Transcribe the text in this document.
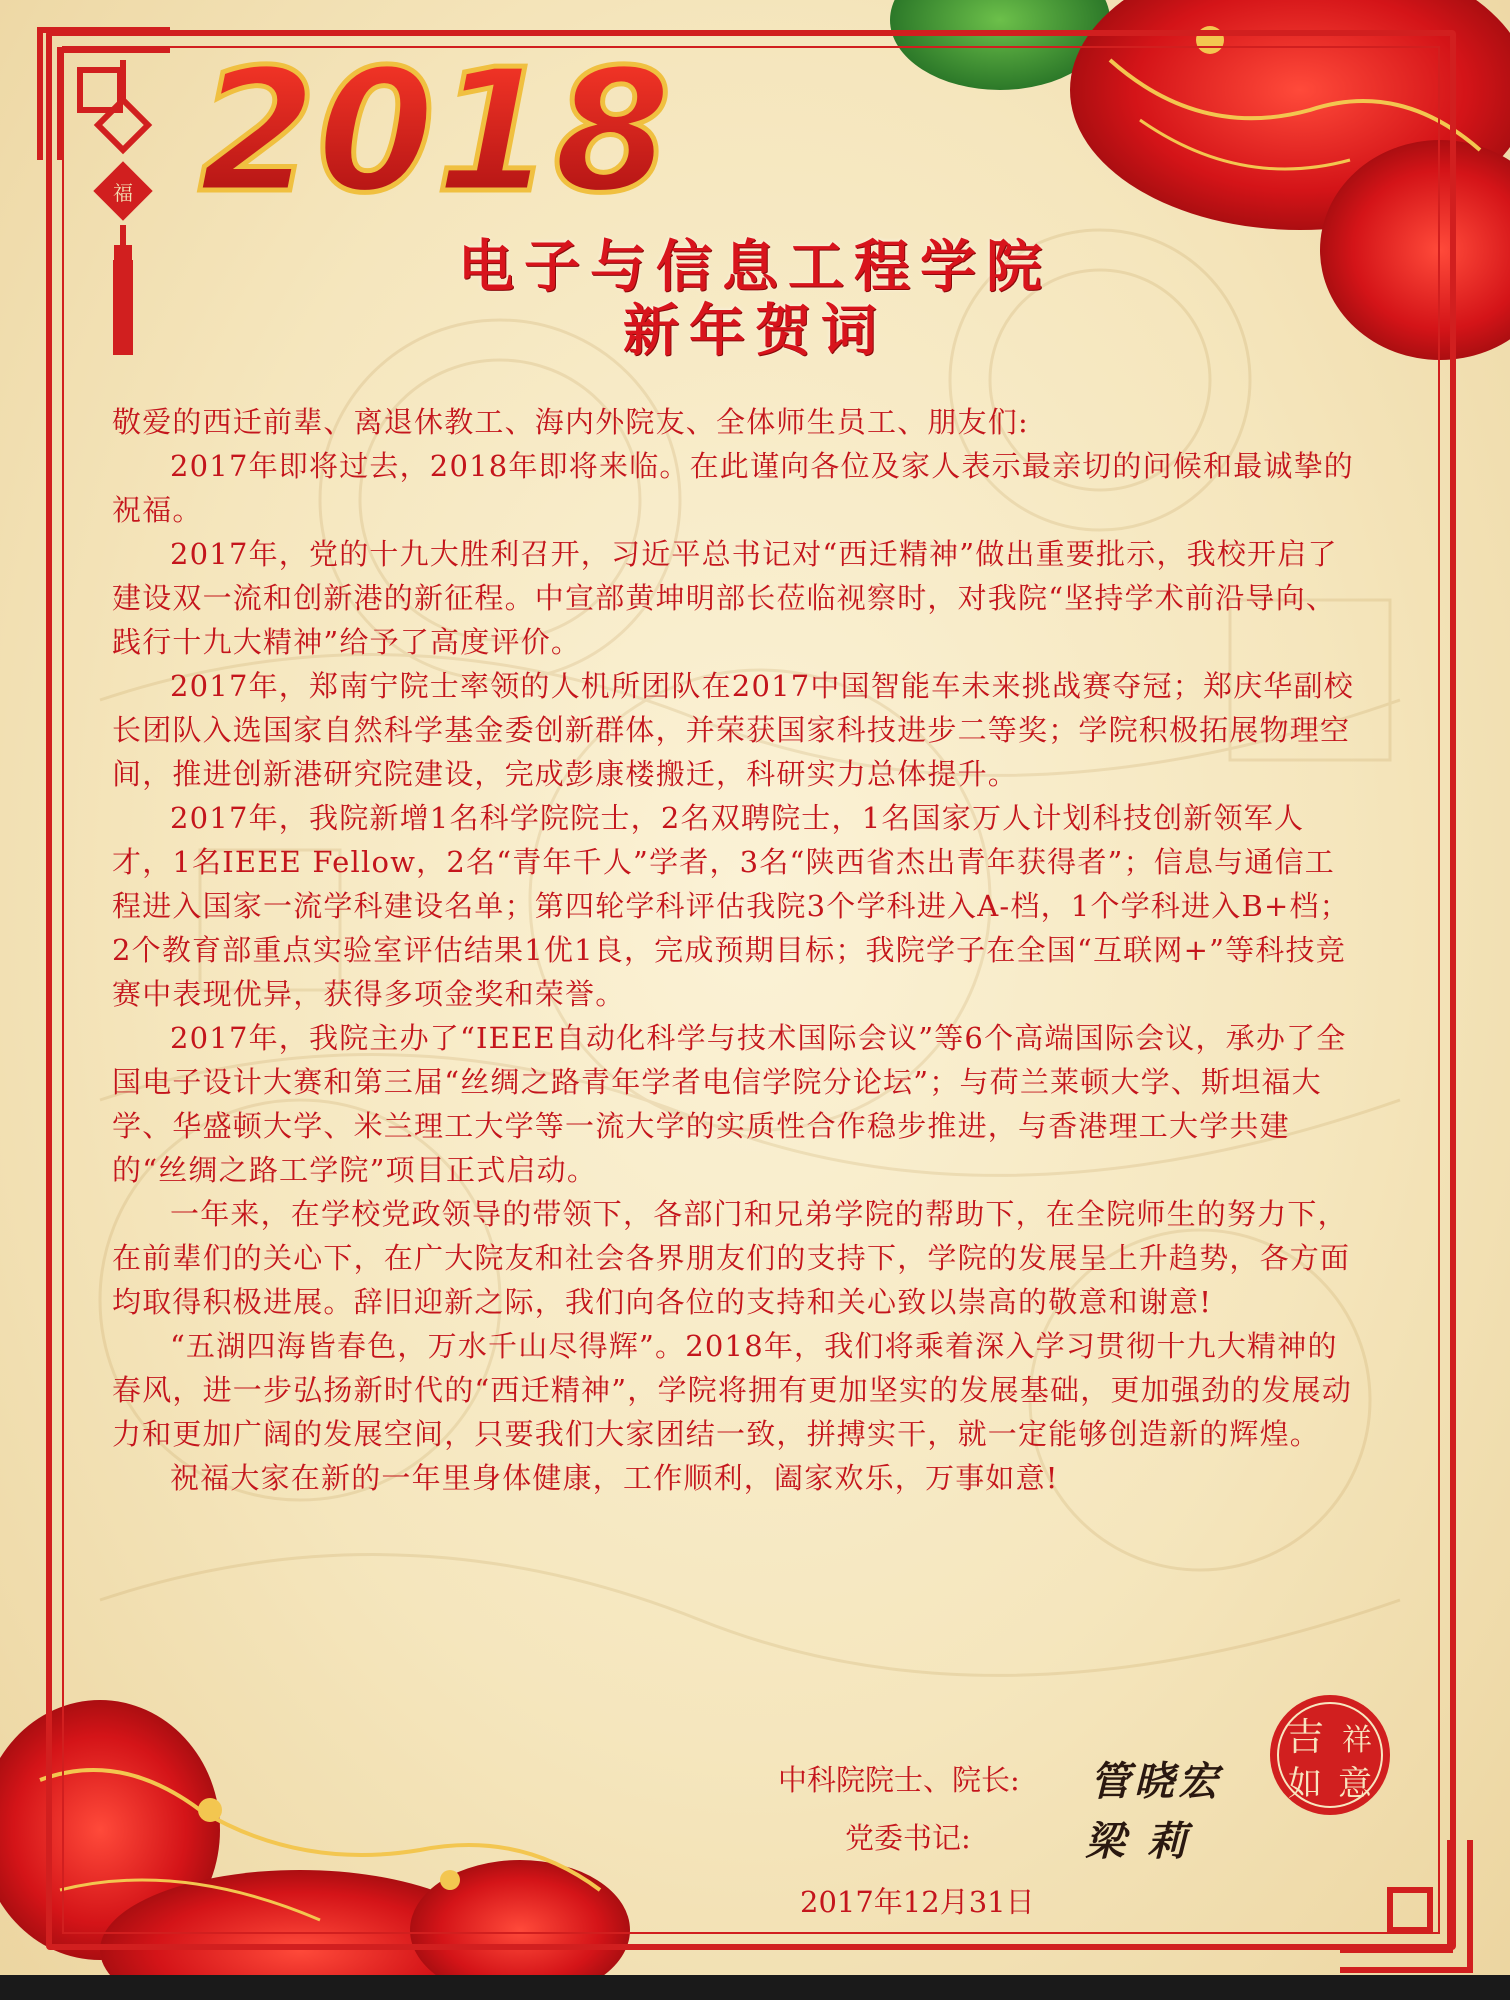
福 2018
电子与信息工程学院
新年贺词

敬爱的西迁前辈、离退休教工、海内外院友、全体师生员工、朋友们:

2017年即将过去，2018年即将来临。在此谨向各位及家人表示最亲切的问候和最诚挚的祝福。

2017年，党的十九大胜利召开，习近平总书记对“西迁精神”做出重要批示，我校开启了建设双一流和创新港的新征程。中宣部黄坤明部长莅临视察时，对我院“坚持学术前沿导向、践行十九大精神”给予了高度评价。

2017年，郑南宁院士率领的人机所团队在2017中国智能车未来挑战赛夺冠；郑庆华副校长团队入选国家自然科学基金委创新群体，并荣获国家科技进步二等奖；学院积极拓展物理空间，推进创新港研究院建设，完成彭康楼搬迁，科研实力总体提升。

2017年，我院新增1名科学院院士，2名双聘院士，1名国家万人计划科技创新领军人才，1名IEEE Fellow，2名“青年千人”学者，3名“陕西省杰出青年获得者”；信息与通信工程进入国家一流学科建设名单；第四轮学科评估我院3个学科进入A-档，1个学科进入B+档；2个教育部重点实验室评估结果1优1良，完成预期目标；我院学子在全国“互联网+”等科技竞赛中表现优异，获得多项金奖和荣誉。

2017年，我院主办了“IEEE自动化科学与技术国际会议”等6个高端国际会议，承办了全国电子设计大赛和第三届“丝绸之路青年学者电信学院分论坛”；与荷兰莱顿大学、斯坦福大学、华盛顿大学、米兰理工大学等一流大学的实质性合作稳步推进，与香港理工大学共建的“丝绸之路工学院”项目正式启动。

一年来，在学校党政领导的带领下，各部门和兄弟学院的帮助下，在全院师生的努力下，在前辈们的关心下，在广大院友和社会各界朋友们的支持下，学院的发展呈上升趋势，各方面均取得积极进展。辞旧迎新之际，我们向各位的支持和关心致以崇高的敬意和谢意!

“五湖四海皆春色，万水千山尽得辉”。2018年，我们将乘着深入学习贯彻十九大精神的春风，进一步弘扬新时代的“西迁精神”，学院将拥有更加坚实的发展基础，更加强劲的发展动力和更加广阔的发展空间，只要我们大家团结一致，拼搏实干，就一定能够创造新的辉煌。

祝福大家在新的一年里身体健康，工作顺利，阖家欢乐，万事如意!

中科院院士、院长: 管晓宏
党委书记:	梁 莉
2017年12月31日
吉 祥
如 意
